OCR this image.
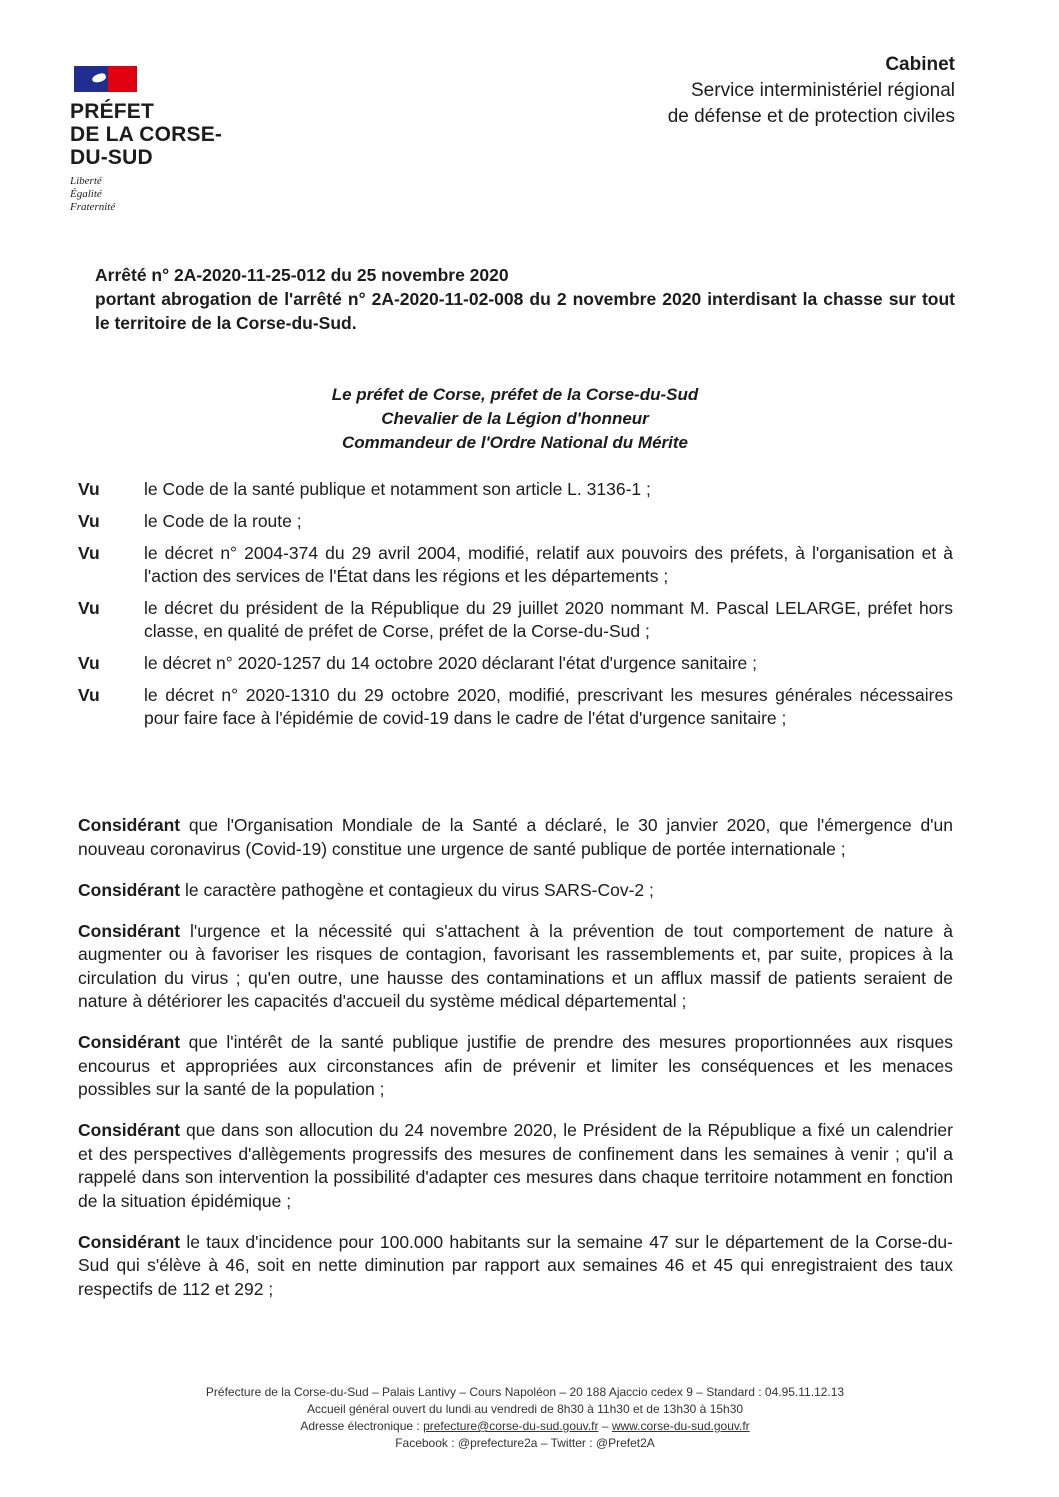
PRÉFET
DE LA CORSE-
DU-SUD
Liberté
Égalité
Fraternité
Cabinet
Service interministériel régional
de défense et de protection civiles
Arrêté n° 2A-2020-11-25-012 du 25 novembre 2020
portant abrogation de l'arrêté n° 2A-2020-11-02-008 du 2 novembre 2020 interdisant la chasse sur tout le territoire de la Corse-du-Sud.
Le préfet de Corse, préfet de la Corse-du-Sud
Chevalier de la Légion d'honneur
Commandeur de l'Ordre National du Mérite
Vu	le Code de la santé publique et notamment son article L. 3136-1 ;
Vu	le Code de la route ;
Vu	le décret n° 2004-374 du 29 avril 2004, modifié, relatif aux pouvoirs des préfets, à l'organisation et à l'action des services de l'État dans les régions et les départements ;
Vu	le décret du président de la République du 29 juillet 2020 nommant M. Pascal LELARGE, préfet hors classe, en qualité de préfet de Corse, préfet de la Corse-du-Sud ;
Vu	le décret n° 2020-1257 du 14 octobre 2020 déclarant l'état d'urgence sanitaire ;
Vu	le décret n° 2020-1310 du 29 octobre 2020, modifié, prescrivant les mesures générales nécessaires pour faire face à l'épidémie de covid-19 dans le cadre de l'état d'urgence sanitaire ;

Considérant que l'Organisation Mondiale de la Santé a déclaré, le 30 janvier 2020, que l'émergence d'un nouveau coronavirus (Covid-19) constitue une urgence de santé publique de portée internationale ;

Considérant le caractère pathogène et contagieux du virus SARS-Cov-2 ;

Considérant l'urgence et la nécessité qui s'attachent à la prévention de tout comportement de nature à augmenter ou à favoriser les risques de contagion, favorisant les rassemblements et, par suite, propices à la circulation du virus ; qu'en outre, une hausse des contaminations et un afflux massif de patients seraient de nature à détériorer les capacités d'accueil du système médical départemental ;

Considérant que l'intérêt de la santé publique justifie de prendre des mesures proportionnées aux risques encourus et appropriées aux circonstances afin de prévenir et limiter les conséquences et les menaces possibles sur la santé de la population ;

Considérant que dans son allocution du 24 novembre 2020, le Président de la République a fixé un calendrier et des perspectives d'allègements progressifs des mesures de confinement dans les semaines à venir ; qu'il a rappelé dans son intervention la possibilité d'adapter ces mesures dans chaque territoire notamment en fonction de la situation épidémique ;

Considérant le taux d'incidence pour 100.000 habitants sur la semaine 47 sur le département de la Corse-du-Sud qui s'élève à 46, soit en nette diminution par rapport aux semaines 46 et 45 qui enregistraient des taux respectifs de 112 et 292 ;

Préfecture de la Corse-du-Sud – Palais Lantivy – Cours Napoléon – 20 188 Ajaccio cedex 9 – Standard : 04.95.11.12.13
Accueil général ouvert du lundi au vendredi de 8h30 à 11h30 et de 13h30 à 15h30
Adresse électronique : prefecture@corse-du-sud.gouv.fr – www.corse-du-sud.gouv.fr
Facebook : @prefecture2a – Twitter : @Prefet2A
